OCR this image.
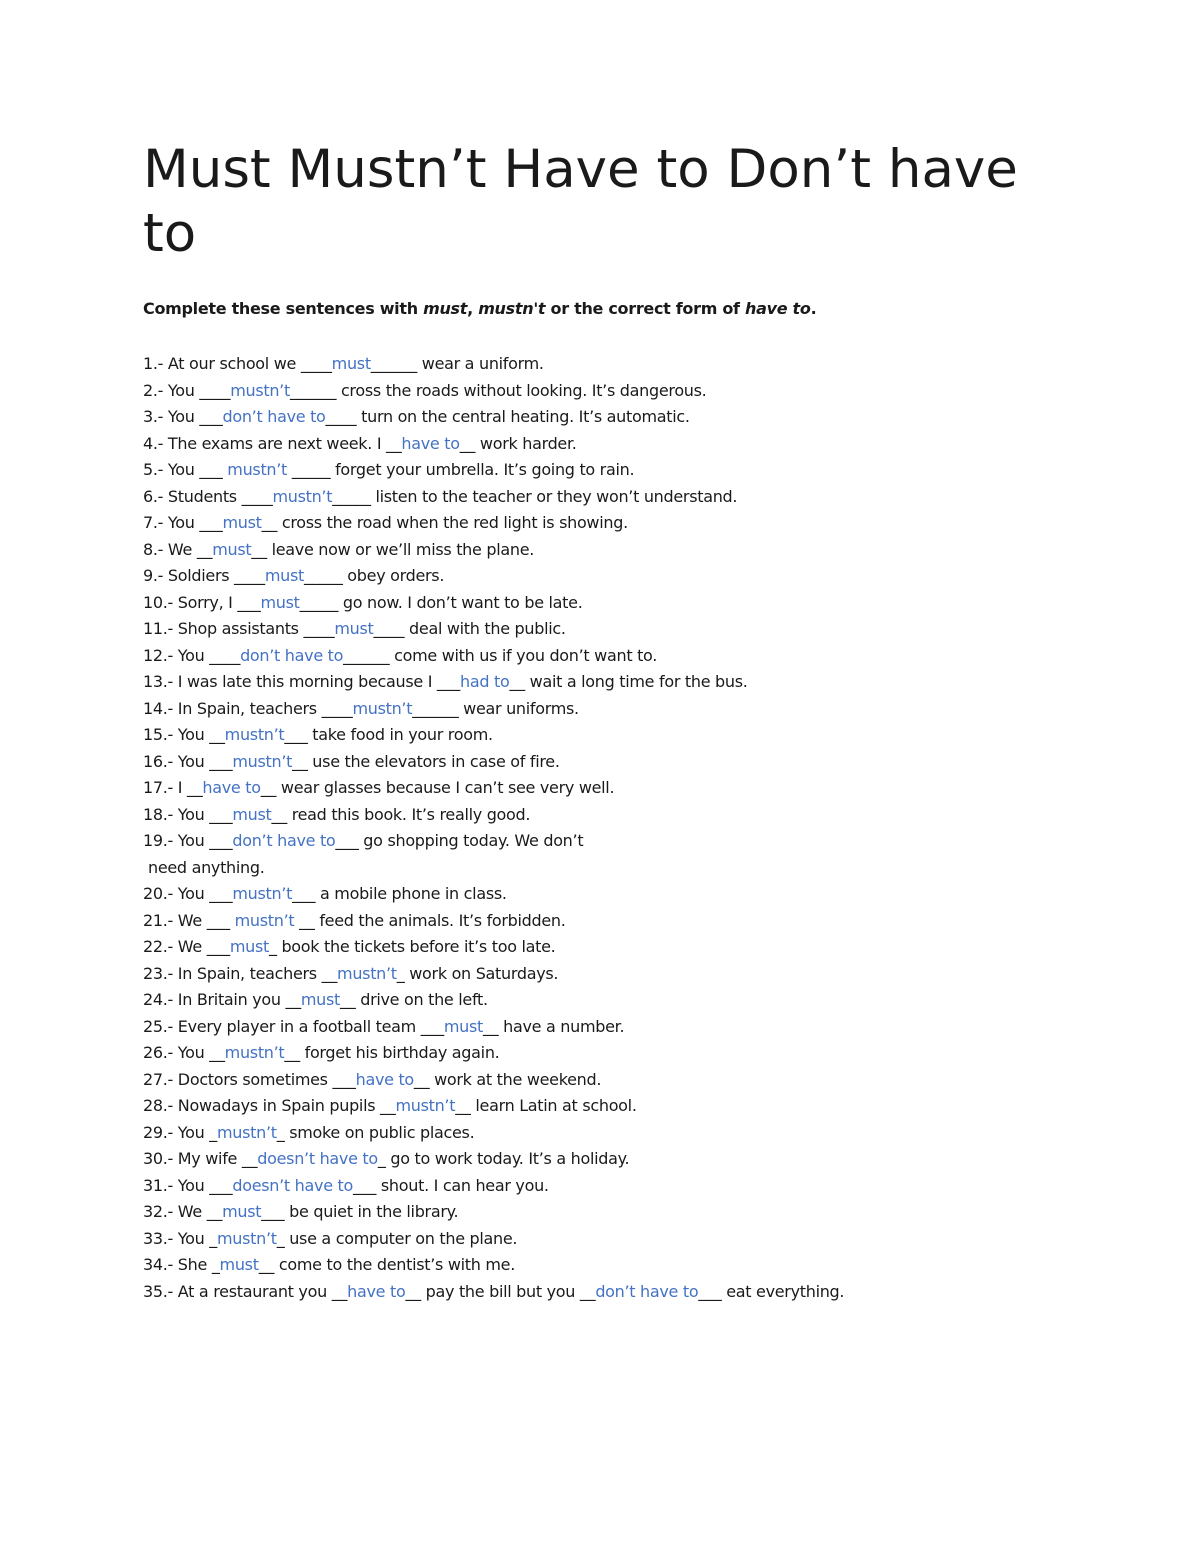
Must Mustn’t Have to Don’t have to

Complete these sentences with must, mustn't or the correct form of have to.

1.- At our school we ____must______ wear a uniform.
2.- You ____mustn’t______ cross the roads without looking. It’s dangerous.
3.- You ___don’t have to____ turn on the central heating. It’s automatic.
4.- The exams are next week. I __have to__ work harder.
5.- You ___ mustn’t _____ forget your umbrella. It’s going to rain.
6.- Students ____mustn’t_____ listen to the teacher or they won’t understand.
7.- You ___must__ cross the road when the red light is showing.
8.- We __must__ leave now or we’ll miss the plane.
9.- Soldiers ____must_____ obey orders.
10.- Sorry, I ___must_____ go now. I don’t want to be late.
11.- Shop assistants ____must____ deal with the public.
12.- You ____don’t have to______ come with us if you don’t want to.
13.- I was late this morning because I ___had to__ wait a long time for the bus.
14.- In Spain, teachers ____mustn’t______ wear uniforms.
15.- You __mustn’t___ take food in your room.
16.- You ___mustn’t__ use the elevators in case of fire.
17.- I __have to__ wear glasses because I can’t see very well.
18.- You ___must__ read this book. It’s really good.
19.- You ___don’t have to___ go shopping today. We don’t
need anything.
20.- You ___mustn’t___ a mobile phone in class.
21.- We ___ mustn’t __ feed the animals. It’s forbidden.
22.- We ___must_ book the tickets before it’s too late.
23.- In Spain, teachers __mustn’t_ work on Saturdays.
24.- In Britain you __must__ drive on the left.
25.- Every player in a football team ___must__ have a number.
26.- You __mustn’t__ forget his birthday again.
27.- Doctors sometimes ___have to__ work at the weekend.
28.- Nowadays in Spain pupils __mustn’t__ learn Latin at school.
29.- You _mustn’t_ smoke on public places.
30.- My wife __doesn’t have to_ go to work today. It’s a holiday.
31.- You ___doesn’t have to___ shout. I can hear you.
32.- We __must___ be quiet in the library.
33.- You _mustn’t_ use a computer on the plane.
34.- She _must__ come to the dentist’s with me.
35.- At a restaurant you __have to__ pay the bill but you __don’t have to___ eat everything.
